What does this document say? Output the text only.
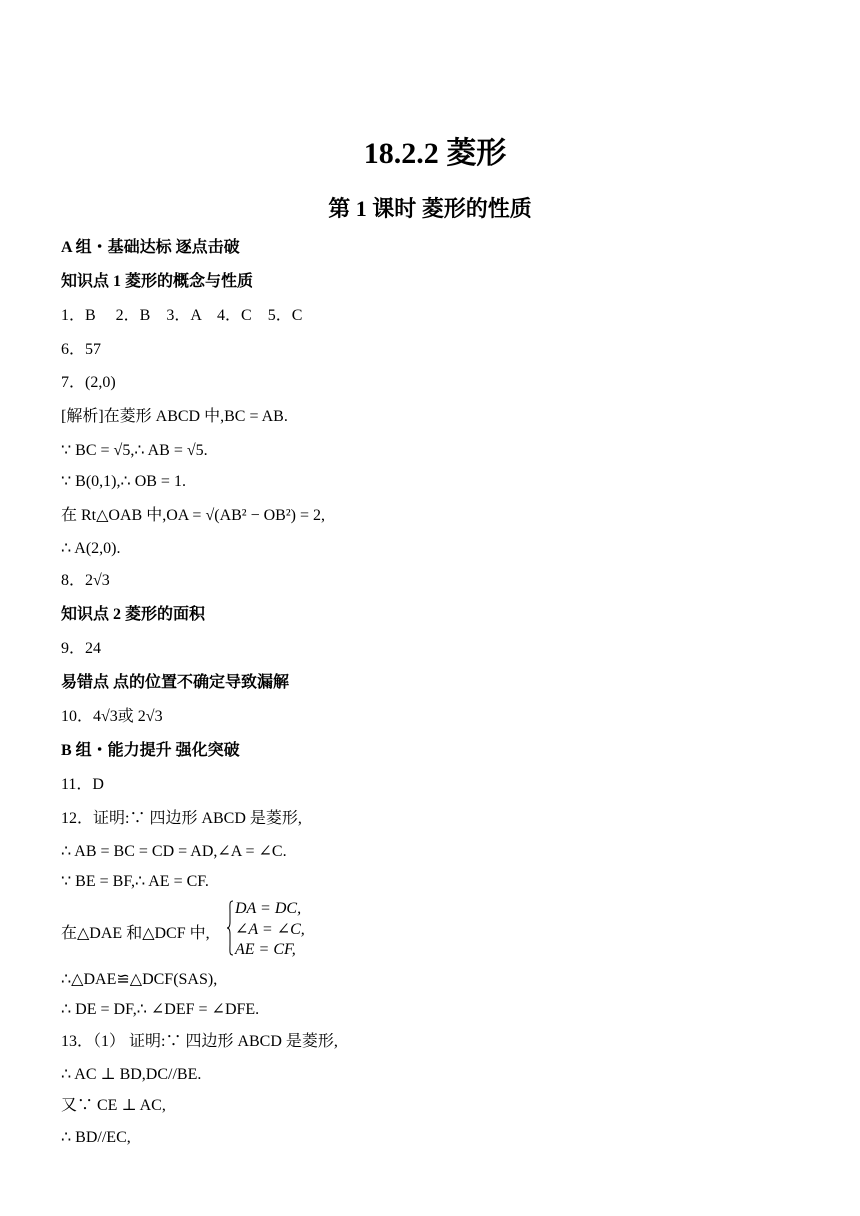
18.2.2 菱形
第 1 课时 菱形的性质
A 组・基础达标 逐点击破
知识点 1 菱形的概念与性质
1．B　 2．B　3．A　4．C　5．C
6．57
7．(2,0)
[解析]在菱形 ABCD 中,BC = AB.
∵ BC = √5,∴ AB = √5.
∵ B(0,1),∴ OB = 1.
在 Rt△OAB 中,OA = √(AB² − OB²) = 2,
∴ A(2,0).
8．2√3
知识点 2 菱形的面积
9．24
易错点 点的位置不确定导致漏解
10．4√3或 2√3
B 组・能力提升 强化突破
11．D
12．证明:∵ 四边形 ABCD 是菱形,
∴ AB = BC = CD = AD,∠A = ∠C.
∵ BE = BF,∴ AE = CF.
在△DAE 和△DCF 中,
DA = DC,
∠A = ∠C,
AE = CF,
∴△DAE≌△DCF(SAS),
∴ DE = DF,∴ ∠DEF = ∠DFE.
13．（1） 证明:∵ 四边形 ABCD 是菱形,
∴ AC ⊥ BD,DC//BE.
又∵ CE ⊥ AC,
∴ BD//EC,
